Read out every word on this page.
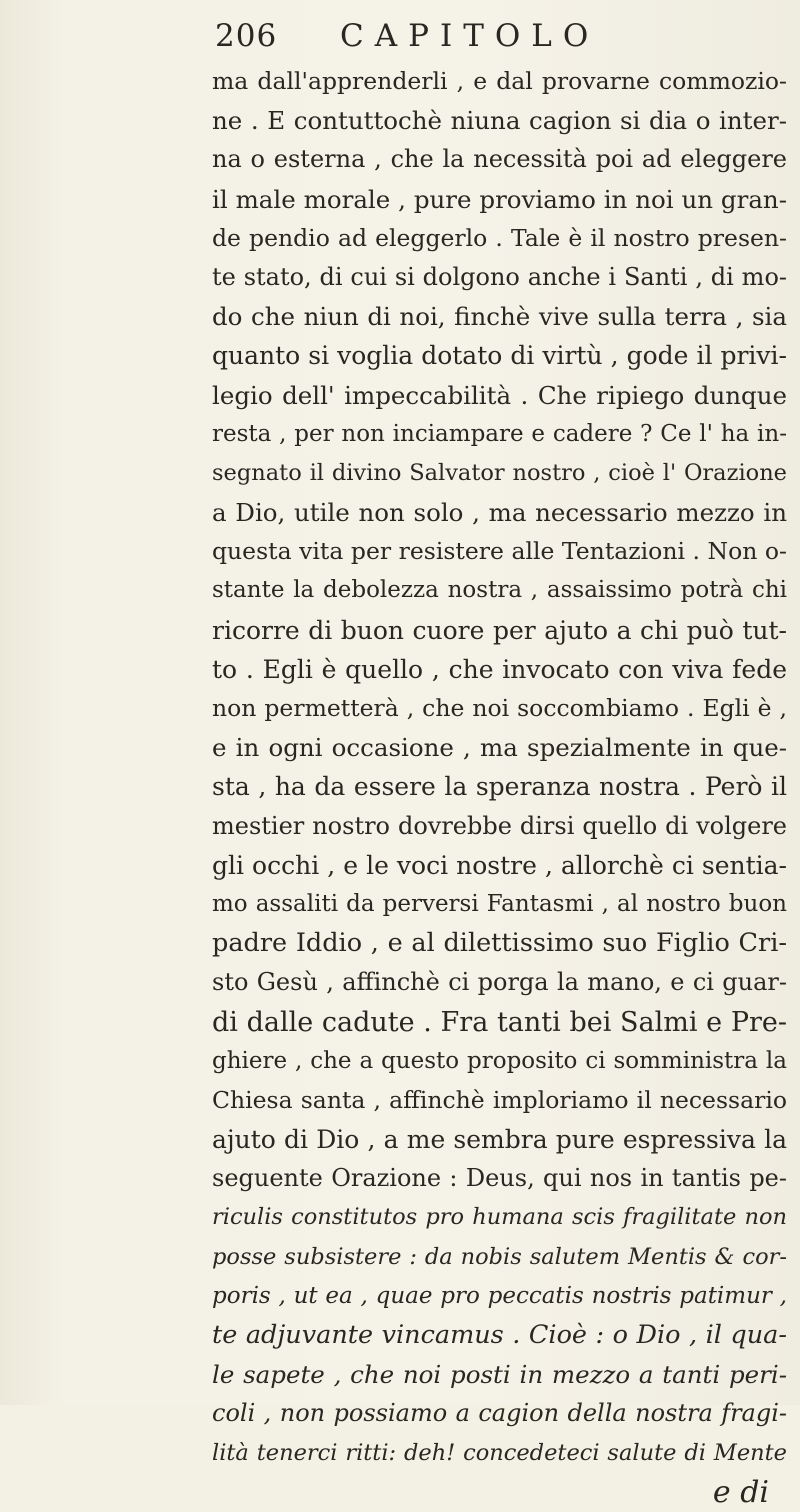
206 CAPITOLO
ma dall'apprenderli , e dal provarne commozio-
ne . E contuttochè niuna cagion si dia o inter-
na o esterna , che la necessità poi ad eleggere
il male morale , pure proviamo in noi un gran-
de pendio ad eleggerlo . Tale è il nostro presen-
te stato, di cui si dolgono anche i Santi , di mo-
do che niun di noi, finchè vive sulla terra , sia
quanto si voglia dotato di virtù , gode il privi-
legio dell' impeccabilità . Che ripiego dunque
resta , per non inciampare e cadere ? Ce l' ha in-
segnato il divino Salvator nostro , cioè l' Orazione
a Dio, utile non solo , ma necessario mezzo in
questa vita per resistere alle Tentazioni . Non o-
stante la debolezza nostra , assaissimo potrà chi
ricorre di buon cuore per ajuto a chi può tut-
to . Egli è quello , che invocato con viva fede
non permetterà , che noi soccombiamo . Egli è ,
e in ogni occasione , ma spezialmente in que-
sta , ha da essere la speranza nostra . Però il
mestier nostro dovrebbe dirsi quello di volgere
gli occhi , e le voci nostre , allorchè ci sentia-
mo assaliti da perversi Fantasmi , al nostro buon
padre Iddio , e al dilettissimo suo Figlio Cri-
sto Gesù , affinchè ci porga la mano, e ci guar-
di dalle cadute . Fra tanti bei Salmi e Pre-
ghiere , che a questo proposito ci somministra la
Chiesa santa , affinchè imploriamo il necessario
ajuto di Dio , a me sembra pure espressiva la
seguente Orazione : Deus, qui nos in tantis pe-
riculis constitutos pro humana scis fragilitate non
posse subsistere : da nobis salutem Mentis & cor-
poris , ut ea , quae pro peccatis nostris patimur ,
te adjuvante vincamus . Cioè : o Dio , il qua-
le sapete , che noi posti in mezzo a tanti peri-
coli , non possiamo a cagion della nostra fragi-
lità tenerci ritti: deh! concedeteci salute di Mente
e di
